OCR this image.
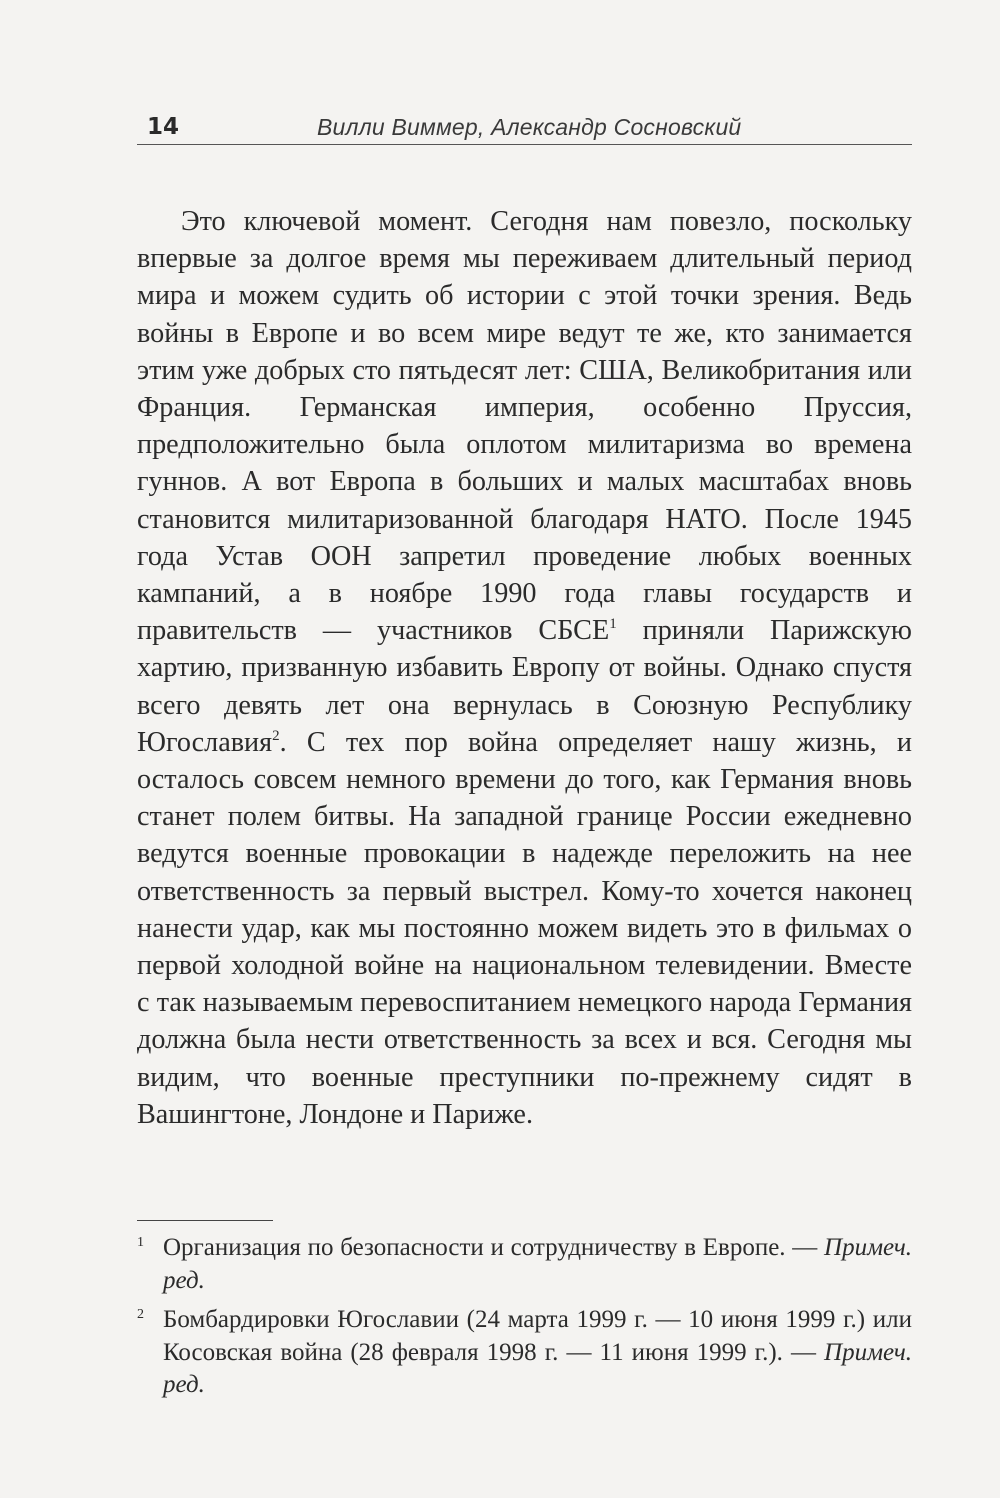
14	Вилли Виммер, Александр Сосновский

Это ключевой момент. Сегодня нам повезло, поскольку впервые за долгое время мы переживаем длительный период мира и можем судить об истории с этой точки зрения. Ведь войны в Европе и во всем мире ведут те же, кто занимается этим уже добрых сто пятьдесят лет: США, Великобритания или Франция. Германская империя, особенно Пруссия, предположительно была оплотом милитаризма во времена гуннов. А вот Европа в больших и малых масштабах вновь становится милитаризованной благодаря НАТО. После 1945 года Устав ООН запретил проведение любых военных кампаний, а в ноябре 1990 года главы государств и правительств — участников СБСЕ$^1$ приняли Парижскую хартию, призванную избавить Европу от войны. Однако спустя всего девять лет она вернулась в Союзную Республику Югославия$^2$. С тех пор война определяет нашу жизнь, и осталось совсем немного времени до того, как Германия вновь станет полем битвы. На западной границе России ежедневно ведутся военные провокации в надежде переложить на нее ответственность за первый выстрел. Кому-то хочется наконец нанести удар, как мы постоянно можем видеть это в фильмах о первой холодной войне на национальном телевидении. Вместе с так называемым перевоспитанием немецкого народа Германия должна была нести ответственность за всех и вся. Сегодня мы видим, что военные преступники по-прежнему сидят в Вашингтоне, Лондоне и Париже.

1 Организация по безопасности и сотрудничеству в Европе. — Примеч. ред.
2 Бомбардировки Югославии (24 марта 1999 г. — 10 июня 1999 г.) или Косовская война (28 февраля 1998 г. — 11 июня 1999 г.). — Примеч. ред.
